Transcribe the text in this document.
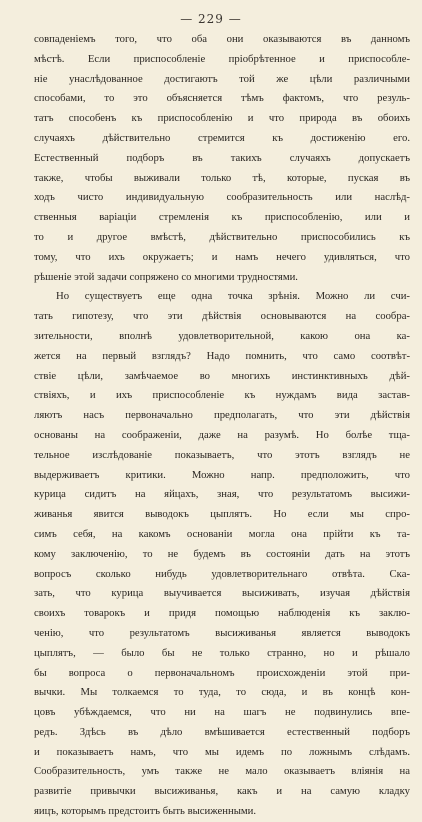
— 229 —
совпаденіемъ того, что оба они оказываются въ данномъ
мѣстѣ. Если приспособленіе пріобрѣтенное и приспособле-
ніе унаслѣдованное достигаютъ той же цѣли различными
способами, то это объясняется тѣмъ фактомъ, что резуль-
татъ способенъ къ приспособленію и что природа въ обоихъ
случаяхъ дѣйствительно стремится къ достиженію его.
Естественный подборъ въ такихъ случаяхъ допускаетъ
также, чтобы выживали только тѣ, которые, пуская въ
ходъ чисто индивидуальную сообразительность или наслѣд-
ственныя варіаціи стремленія къ приспособленію, или и
то и другое вмѣстѣ, дѣйствительно приспособились къ
тому, что ихъ окружаетъ; и намъ нечего удивляться, что
рѣшеніе этой задачи сопряжено со многими трудностями.
Но существуетъ еще одна точка зрѣнія. Можно ли счи-
тать гипотезу, что эти дѣйствія основываются на сообра-
зительности, вполнѣ удовлетворительной, какою она ка-
жется на первый взглядъ? Надо помнить, что само соотвѣт-
ствіе цѣли, замѣчаемое во многихъ инстинктивныхъ дѣй-
ствіяхъ, и ихъ приспособленіе къ нуждамъ вида застав-
ляютъ насъ первоначально предполагать, что эти дѣйствія
основаны на соображеніи, даже на разумѣ. Но болѣе тща-
тельное изслѣдованіе показываетъ, что этотъ взглядъ не
выдерживаетъ критики. Можно напр. предположить, что
курица сидитъ на яйцахъ, зная, что результатомъ высижи-
живанья явится выводокъ цыплятъ. Но если мы спро-
симъ себя, на какомъ основаніи могла она прійти къ та-
кому заключенію, то не будемъ въ состояніи дать на этотъ
вопросъ сколько нибудь удовлетворительнаго отвѣта. Ска-
зать, что курица выучивается высиживать, изучая дѣйствія
своихъ товарокъ и придя помощью наблюденія къ заклю-
ченію, что результатомъ высиживанья является выводокъ
цыплятъ, — было бы не только странно, но и рѣшало
бы вопроса о первоначальномъ происхожденіи этой при-
вычки. Мы толкаемся то туда, то сюда, и въ концѣ кон-
цовъ убѣждаемся, что ни на шагъ не подвинулись впе-
редъ. Здѣсь въ дѣло вмѣшивается естественный подборъ
и показываетъ намъ, что мы идемъ по ложнымъ слѣдамъ.
Сообразительность, умъ также не мало оказываетъ вліянія на
развитіе привычки высиживанья, какъ и на самую кладку
яицъ, которымъ предстоитъ быть высиженными.
